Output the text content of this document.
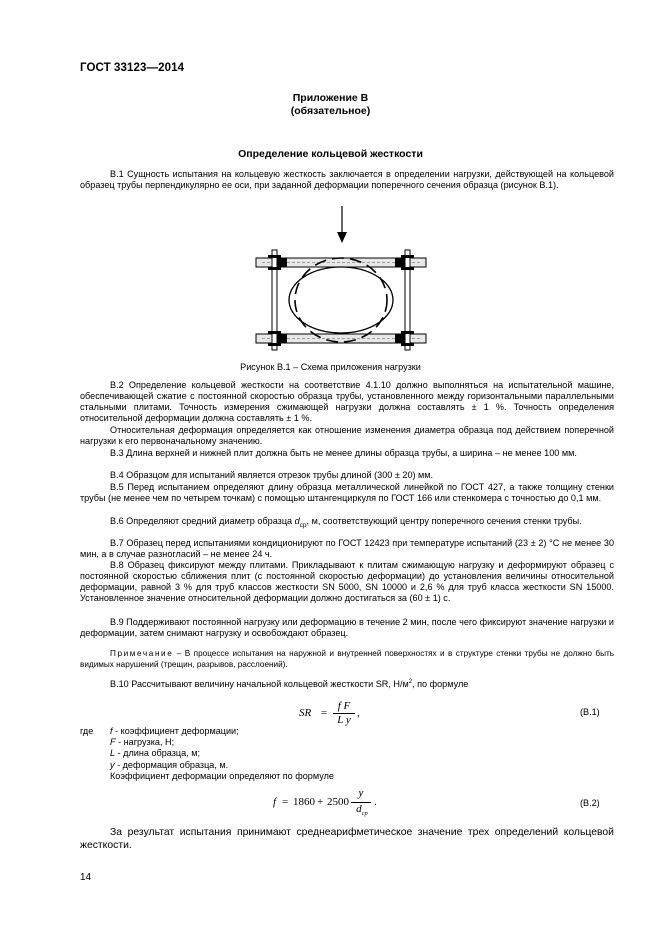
ГОСТ 33123—2014
Приложение В
(обязательное)
Определение кольцевой жесткости
В.1 Сущность испытания на кольцевую жесткость заключается в определении нагрузки, действующей на кольцевой образец трубы перпендикулярно ее оси, при заданной деформации поперечного сечения образца (рисунок В.1).
Рисунок В.1 – Схема приложения нагрузки
В.2 Определение кольцевой жесткости на соответствие 4.1.10 должно выполняться на испытательной машине, обеспечивающей сжатие с постоянной скоростью образца трубы, установленного между горизонтальными параллельными стальными плитами. Точность измерения сжимающей нагрузки должна составлять ± 1 %. Точность определения относительной деформации должна составлять ± 1 %.
Относительная деформация определяется как отношение изменения диаметра образца под действием поперечной нагрузки к его первоначальному значению.
В.3 Длина верхней и нижней плит должна быть не менее длины образца трубы, а ширина – не менее 100 мм.
В.4 Образцом для испытаний является отрезок трубы длиной (300 ± 20) мм.
В.5 Перед испытанием определяют длину образца металлической линейкой по ГОСТ 427, а также толщину стенки трубы (не менее чем по четырем точкам) с помощью штангенциркуля по ГОСТ 166 или стенкомера с точностью до 0,1 мм.
В.6 Определяют средний диаметр образца $d_{ср}$, м, соответствующий центру поперечного сечения стенки трубы.
В.7 Образец перед испытаниями кондиционируют по ГОСТ 12423 при температуре испытаний (23 ± 2) °С не менее 30 мин, а в случае разногласий – не менее 24 ч.
В.8 Образец фиксируют между плитами. Прикладывают к плитам сжимающую нагрузку и деформируют образец с постоянной скоростью сближения плит (с постоянной скоростью деформации) до установления величины относительной деформации, равной 3 % для труб классов жесткости SN 5000, SN 10000 и 2,6 % для труб класса жесткости SN 15000. Установленное значение относительной деформации должно достигаться за (60 ± 1) с.
В.9 Поддерживают постоянной нагрузку или деформацию в течение 2 мин, после чего фиксируют значение нагрузки и деформации, затем снимают нагрузку и освобождают образец.
Примечание – В процессе испытания на наружной и внутренней поверхностях и в структуре стенки трубы не должно быть видимых нарушений (трещин, разрывов, расслоений).
В.10 Рассчитывают величину начальной кольцевой жесткости SR, $Н/м^2$, по формуле
SR =
f F
L y
,	(В.1)
где f - коэффициент деформации;
F - нагрузка, Н;
L - длина образца, м;
y - деформация образца, м.
Коэффициент деформации определяют по формуле
f = 1860 + 2500
y
$d_{ср}$
.	(В.2)
За результат испытания принимают среднеарифметическое значение трех определений кольцевой жесткости.
14
